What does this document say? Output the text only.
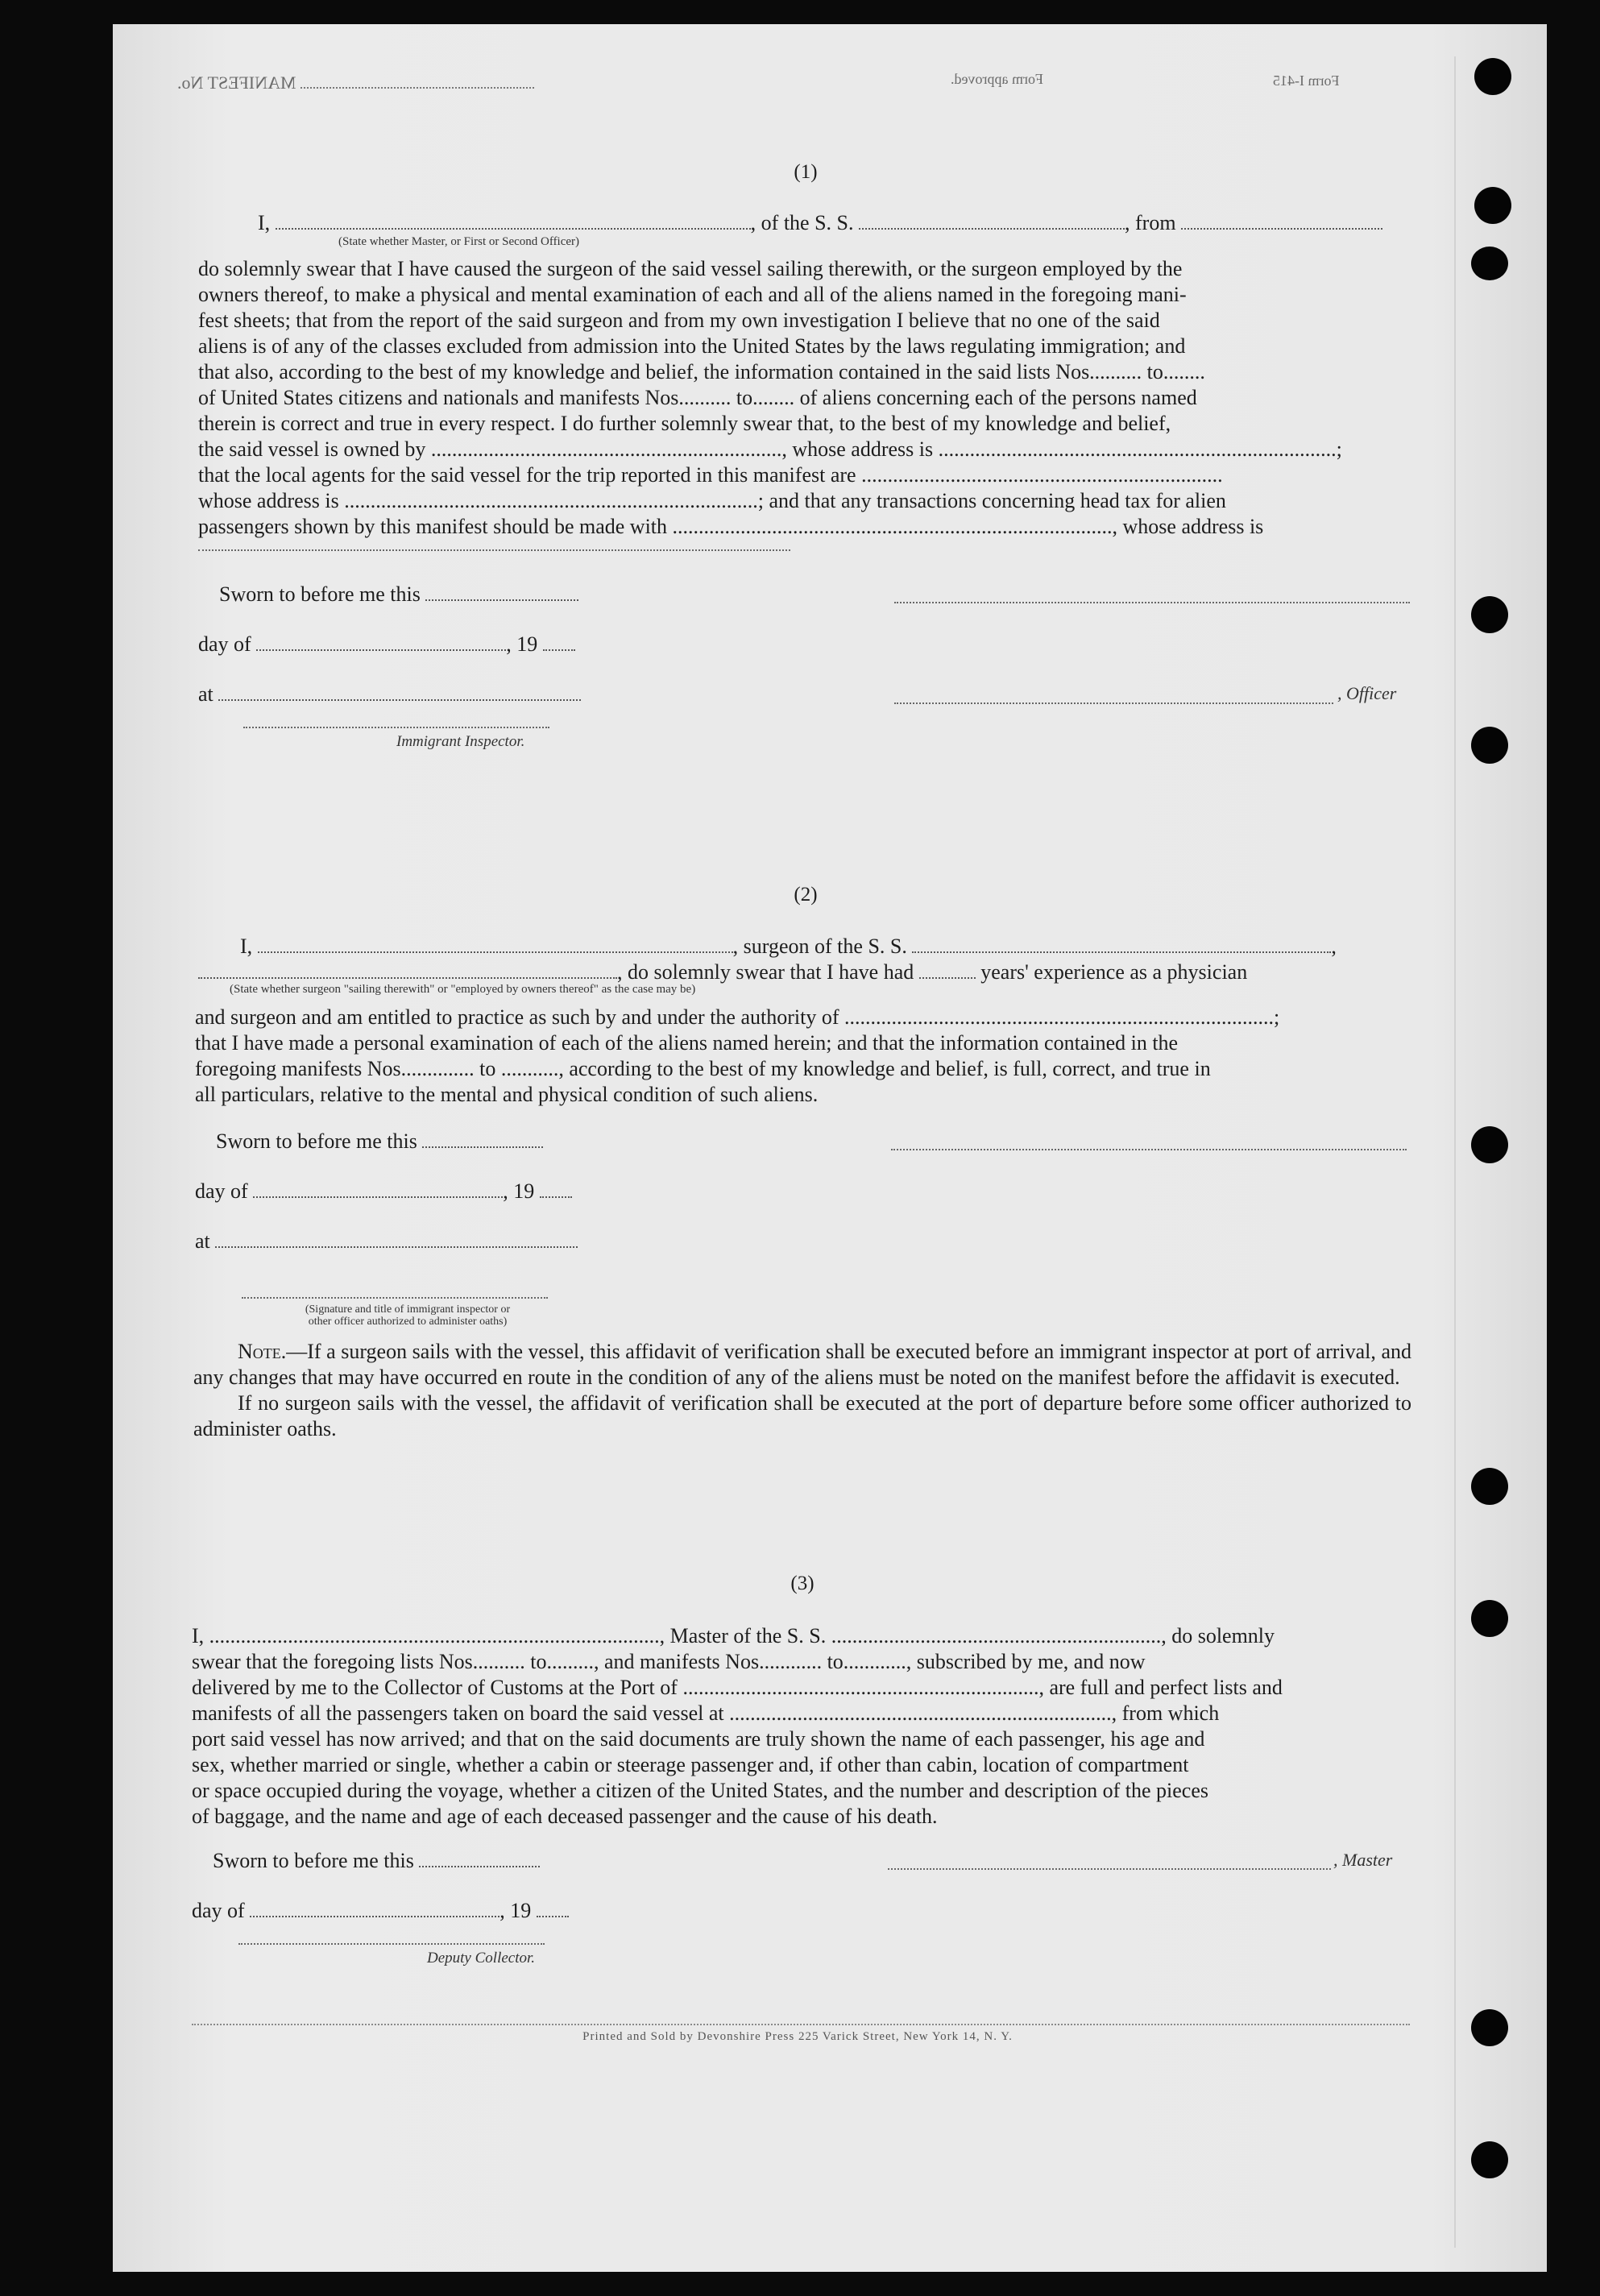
MANIFEST No.	Form approved.	Form I-415

(1)
I,	, of the S. S.	, from
(State whether Master, or First or Second Officer)

do solemnly swear that I have caused the surgeon of the said vessel sailing therewith, or the surgeon employed by the

owners thereof, to make a physical and mental examination of each and all of the aliens named in the foregoing mani-

fest sheets; that from the report of the said surgeon and from my own investigation I believe that no one of the said

aliens is of any of the classes excluded from admission into the United States by the laws regulating immigration; and

that also, according to the best of my knowledge and belief, the information contained in the said lists Nos.......... to........

of United States citizens and nationals and manifests Nos.......... to........ of aliens concerning each of the persons named

therein is correct and true in every respect. I do further solemnly swear that, to the best of my knowledge and belief,

the said vessel is owned by ..................................................................., whose address is ............................................................................;

that the local agents for the said vessel for the trip reported in this manifest are .....................................................................

whose address is ...............................................................................; and that any transactions concerning head tax for alien

passengers shown by this manifest should be made with ...................................................................................., whose address is

Sworn to before me this
day of	, 19
at	, Officer
Immigrant Inspector.
(2)
I,	, surgeon of the S. S.	,
, do solemnly swear that I have had	years' experience as a physician
(State whether surgeon "sailing therewith" or "employed by owners thereof" as the case may be)

and surgeon and am entitled to practice as such by and under the authority of ..................................................................................;

that I have made a personal examination of each of the aliens named herein; and that the information contained in the

foregoing manifests Nos.............. to ..........., according to the best of my knowledge and belief, is full, correct, and true in

all particulars, relative to the mental and physical condition of such aliens.

Sworn to before me this
day of	, 19
at
(Signature and title of immigrant inspector or
other officer authorized to administer oaths)

Note.—If a surgeon sails with the vessel, this affidavit of verification shall be executed before an immigrant inspector at port of arrival, and any changes that may have occurred en route in the condition of any of the aliens must be noted on the manifest before the affidavit is executed.

If no surgeon sails with the vessel, the affidavit of verification shall be executed at the port of departure before some officer authorized to administer oaths.

(3)

I, ......................................................................................, Master of the S. S. ..............................................................., do solemnly

swear that the foregoing lists Nos.......... to........., and manifests Nos............ to............, subscribed by me, and now

delivered by me to the Collector of Customs at the Port of ...................................................................., are full and perfect lists and

manifests of all the passengers taken on board the said vessel at ........................................................................., from which

port said vessel has now arrived; and that on the said documents are truly shown the name of each passenger, his age and

sex, whether married or single, whether a cabin or steerage passenger and, if other than cabin, location of compartment

or space occupied during the voyage, whether a citizen of the United States, and the number and description of the pieces

of baggage, and the name and age of each deceased passenger and the cause of his death.

Sworn to before me this	, Master
day of	, 19
Deputy Collector.
Printed and Sold by Devonshire Press 225 Varick Street, New York 14, N. Y.
